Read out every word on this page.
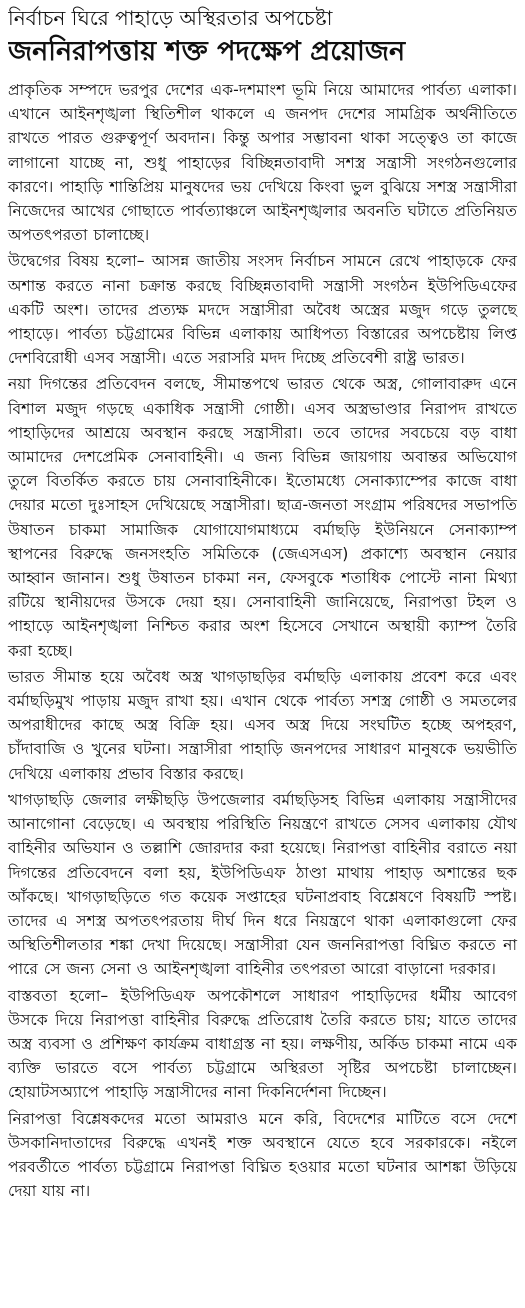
নির্বাচন ঘিরে পাহাড়ে অস্থিরতার অপচেষ্টা
জননিরাপত্তায় শক্ত পদক্ষেপ প্রয়োজন

প্রাকৃতিক সম্পদে ভরপুর দেশের এক-দশমাংশ ভূমি নিয়ে আমাদের পার্বত্য এলাকা। এখানে আইনশৃঙ্খলা স্থিতিশীল থাকলে এ জনপদ দেশের সামগ্রিক অর্থনীতিতে রাখতে পারত গুরুত্বপূর্ণ অবদান। কিন্তু অপার সম্ভাবনা থাকা সত্ত্বেও তা কাজে লাগানো যাচ্ছে না, শুধু পাহাড়ের বিচ্ছিন্নতাবাদী সশস্ত্র সন্ত্রাসী সংগঠনগুলোর কারণে। পাহাড়ি শান্তিপ্রিয় মানুষদের ভয় দেখিয়ে কিংবা ভুল বুঝিয়ে সশস্ত্র সন্ত্রাসীরা নিজেদের আখের গোছাতে পার্বত্যাঞ্চলে আইনশৃঙ্খলার অবনতি ঘটাতে প্রতিনিয়ত অপতৎপরতা চালাচ্ছে।

উদ্বেগের বিষয় হলো– আসন্ন জাতীয় সংসদ নির্বাচন সামনে রেখে পাহাড়কে ফের অশান্ত করতে নানা চক্রান্ত করছে বিচ্ছিন্নতাবাদী সন্ত্রাসী সংগঠন ইউপিডিএফের একটি অংশ। তাদের প্রত্যক্ষ মদদে সন্ত্রাসীরা অবৈধ অস্ত্রের মজুদ গড়ে তুলছে পাহাড়ে। পার্বত্য চট্টগ্রামের বিভিন্ন এলাকায় আধিপত্য বিস্তারের অপচেষ্টায় লিপ্ত দেশবিরোধী এসব সন্ত্রাসী। এতে সরাসরি মদদ দিচ্ছে প্রতিবেশী রাষ্ট্র ভারত।

নয়া দিগন্তের প্রতিবেদন বলছে, সীমান্তপথে ভারত থেকে অস্ত্র, গোলাবারুদ এনে বিশাল মজুদ গড়ছে একাধিক সন্ত্রাসী গোষ্ঠী। এসব অস্ত্রভাণ্ডার নিরাপদ রাখতে পাহাড়িদের আশ্রয়ে অবস্থান করছে সন্ত্রাসীরা। তবে তাদের সবচেয়ে বড় বাধা আমাদের দেশপ্রেমিক সেনাবাহিনী। এ জন্য বিভিন্ন জায়গায় অবান্তর অভিযোগ তুলে বিতর্কিত করতে চায় সেনাবাহিনীকে। ইতোমধ্যে সেনাক্যাম্পের কাজে বাধা দেয়ার মতো দুঃসাহস দেখিয়েছে সন্ত্রাসীরা। ছাত্র-জনতা সংগ্রাম পরিষদের সভাপতি উষাতন চাকমা সামাজিক যোগাযোগমাধ্যমে বর্মাছড়ি ইউনিয়নে সেনাক্যাম্প স্থাপনের বিরুদ্ধে জনসংহতি সমিতিকে (জেএসএস) প্রকাশ্যে অবস্থান নেয়ার আহ্বান জানান। শুধু উষাতন চাকমা নন, ফেসবুকে শতাধিক পোস্টে নানা মিথ্যা রটিয়ে স্থানীয়দের উসকে দেয়া হয়। সেনাবাহিনী জানিয়েছে, নিরাপত্তা টহল ও পাহাড়ে আইনশৃঙ্খলা নিশ্চিত করার অংশ হিসেবে সেখানে অস্থায়ী ক্যাম্প তৈরি করা হচ্ছে।

ভারত সীমান্ত হয়ে অবৈধ অস্ত্র খাগড়াছড়ির বর্মাছড়ি এলাকায় প্রবেশ করে এবং বর্মাছড়িমুখ পাড়ায় মজুদ রাখা হয়। এখান থেকে পার্বত্য সশস্ত্র গোষ্ঠী ও সমতলের অপরাধীদের কাছে অস্ত্র বিক্রি হয়। এসব অস্ত্র দিয়ে সংঘটিত হচ্ছে অপহরণ, চাঁদাবাজি ও খুনের ঘটনা। সন্ত্রাসীরা পাহাড়ি জনপদের সাধারণ মানুষকে ভয়ভীতি দেখিয়ে এলাকায় প্রভাব বিস্তার করছে।

খাগড়াছড়ি জেলার লক্ষীছড়ি উপজেলার বর্মাছড়িসহ বিভিন্ন এলাকায় সন্ত্রাসীদের আনাগোনা বেড়েছে। এ অবস্থায় পরিস্থিতি নিয়ন্ত্রণে রাখতে সেসব এলাকায় যৌথ বাহিনীর অভিযান ও তল্লাশি জোরদার করা হয়েছে। নিরাপত্তা বাহিনীর বরাতে নয়া দিগন্তের প্রতিবেদনে বলা হয়, ইউপিডিএফ ঠাণ্ডা মাথায় পাহাড় অশান্তের ছক আঁকছে। খাগড়াছড়িতে গত কয়েক সপ্তাহের ঘটনাপ্রবাহ বিশ্লেষণে বিষয়টি স্পষ্ট। তাদের এ সশস্ত্র অপতৎপরতায় দীর্ঘ দিন ধরে নিয়ন্ত্রণে থাকা এলাকাগুলো ফের অস্থিতিশীলতার শঙ্কা দেখা দিয়েছে। সন্ত্রাসীরা যেন জননিরাপত্তা বিঘ্নিত করতে না পারে সে জন্য সেনা ও আইনশৃঙ্খলা বাহিনীর তৎপরতা আরো বাড়ানো দরকার।

বাস্তবতা হলো– ইউপিডিএফ অপকৌশলে সাধারণ পাহাড়িদের ধর্মীয় আবেগ উসকে দিয়ে নিরাপত্তা বাহিনীর বিরুদ্ধে প্রতিরোধ তৈরি করতে চায়; যাতে তাদের অস্ত্র ব্যবসা ও প্রশিক্ষণ কার্যক্রম বাধাগ্রস্ত না হয়। লক্ষণীয়, অর্কিড চাকমা নামে এক ব্যক্তি ভারতে বসে পার্বত্য চট্টগ্রামে অস্থিরতা সৃষ্টির অপচেষ্টা চালাচ্ছেন। হোয়াটসঅ্যাপে পাহাড়ি সন্ত্রাসীদের নানা দিকনির্দেশনা দিচ্ছেন।

নিরাপত্তা বিশ্লেষকদের মতো আমরাও মনে করি, বিদেশের মাটিতে বসে দেশে উসকানিদাতাদের বিরুদ্ধে এখনই শক্ত অবস্থানে যেতে হবে সরকারকে। নইলে পরবর্তীতে পার্বত্য চট্টগ্রামে নিরাপত্তা বিঘ্নিত হওয়ার মতো ঘটনার আশঙ্কা উড়িয়ে দেয়া যায় না।
